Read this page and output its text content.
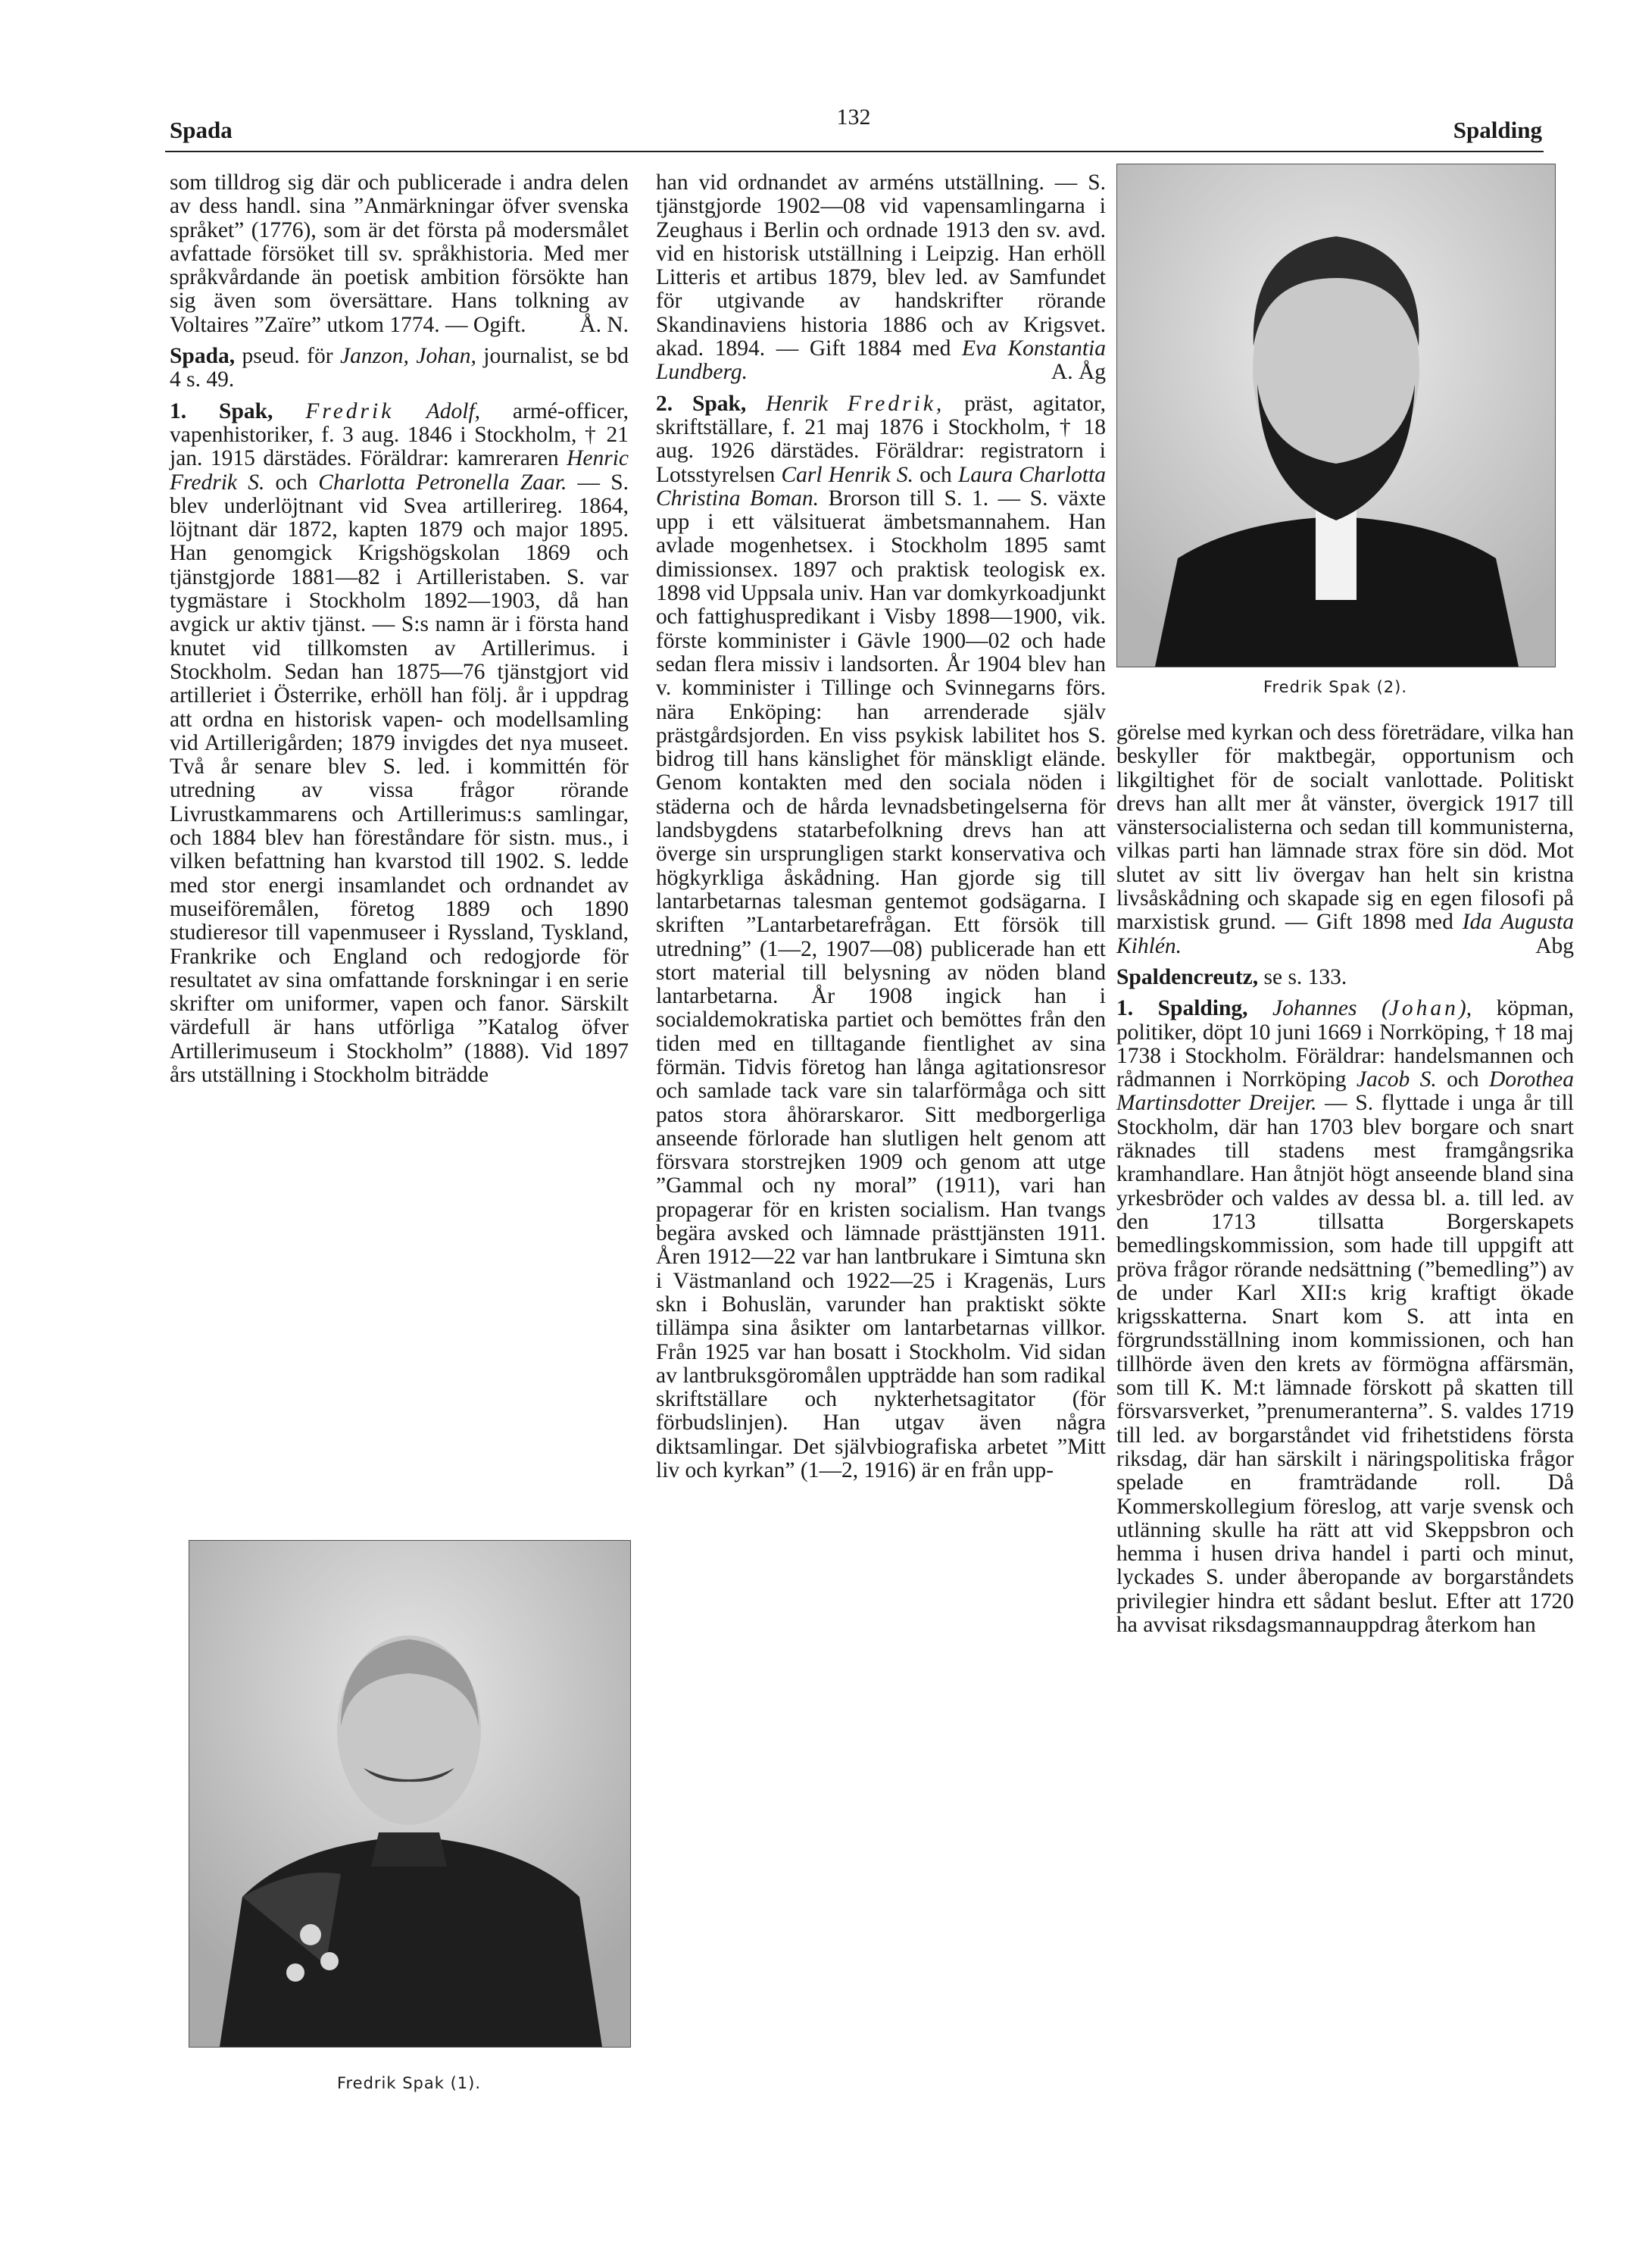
Spada	132	Spalding

som tilldrog sig där och publicerade i andra delen av dess handl. sina ”Anmärkningar öfver svenska språket” (1776), som är det första på modersmålet avfattade försöket till sv. språkhistoria. Med mer språkvårdande än poetisk ambition försökte han sig även som översättare. Hans tolkning av Voltaires ”Zaïre” utkom 1774. — Ogift. Å. N.

Spada, pseud. för Janzon, Johan, journalist, se bd 4 s. 49.

1. Spak, Fredrik Adolf, armé-officer, vapenhistoriker, f. 3 aug. 1846 i Stockholm, † 21 jan. 1915 därstädes. Föräldrar: kamreraren Henric Fredrik S. och Charlotta Petronella Zaar. — S. blev underlöjtnant vid Svea artillerireg. 1864, löjtnant där 1872, kapten 1879 och major 1895. Han genomgick Krigshögskolan 1869 och tjänstgjorde 1881—82 i Artilleristaben. S. var tygmästare i Stockholm 1892—1903, då han avgick ur aktiv tjänst. — S:s namn är i första hand knutet vid tillkomsten av Artillerimus. i Stockholm. Sedan han 1875—76 tjänstgjort vid artilleriet i Österrike, erhöll han följ. år i uppdrag att ordna en historisk vapen- och modellsamling vid Artillerigården; 1879 invigdes det nya museet. Två år senare blev S. led. i kommittén för utredning av vissa frågor rörande Livrustkammarens och Artillerimus:s samlingar, och 1884 blev han föreståndare för sistn. mus., i vilken befattning han kvarstod till 1902. S. ledde med stor energi insamlandet och ordnandet av museiföremålen, företog 1889 och 1890 studieresor till vapenmuseer i Ryssland, Tyskland, Frankrike och England och redogjorde för resultatet av sina omfattande forskningar i en serie skrifter om uniformer, vapen och fanor. Särskilt värdefull är hans utförliga ”Katalog öfver Artillerimuseum i Stockholm” (1888). Vid 1897 års utställning i Stockholm biträdde

Fredrik Spak (1).

han vid ordnandet av arméns utställning. — S. tjänstgjorde 1902—08 vid vapensamlingarna i Zeughaus i Berlin och ordnade 1913 den sv. avd. vid en historisk utställning i Leipzig. Han erhöll Litteris et artibus 1879, blev led. av Samfundet för utgivande av handskrifter rörande Skandinaviens historia 1886 och av Krigsvet. akad. 1894. — Gift 1884 med Eva Konstantia Lundberg.	A. Åg

2. Spak, Henrik Fredrik, präst, agitator, skriftställare, f. 21 maj 1876 i Stockholm, † 18 aug. 1926 därstädes. Föräldrar: registratorn i Lotsstyrelsen Carl Henrik S. och Laura Charlotta Christina Boman. Brorson till S. 1. — S. växte upp i ett välsituerat ämbetsmannahem. Han avlade mogenhetsex. i Stockholm 1895 samt dimissionsex. 1897 och praktisk teologisk ex. 1898 vid Uppsala univ. Han var domkyrkoadjunkt och fattighuspredikant i Visby 1898—1900, vik. förste komminister i Gävle 1900—02 och hade sedan flera missiv i landsorten. År 1904 blev han v. komminister i Tillinge och Svinnegarns förs. nära Enköping: han arrenderade själv prästgårdsjorden. En viss psykisk labilitet hos S. bidrog till hans känslighet för mänskligt elände. Genom kontakten med den sociala nöden i städerna och de hårda levnadsbetingelserna för landsbygdens statarbefolkning drevs han att överge sin ursprungligen starkt konservativa och högkyrkliga åskådning. Han gjorde sig till lantarbetarnas talesman gentemot godsägarna. I skriften ”Lantarbetarefrågan. Ett försök till utredning” (1—2, 1907—08) publicerade han ett stort material till belysning av nöden bland lantarbetarna. År 1908 ingick han i socialdemokratiska partiet och bemöttes från den tiden med en tilltagande fientlighet av sina förmän. Tidvis företog han långa agitationsresor och samlade tack vare sin talarförmåga och sitt patos stora åhörarskaror. Sitt medborgerliga anseende förlorade han slutligen helt genom att försvara storstrejken 1909 och genom att utge ”Gammal och ny moral” (1911), vari han propagerar för en kristen socialism. Han tvangs begära avsked och lämnade prästtjänsten 1911. Åren 1912—22 var han lantbrukare i Simtuna skn i Västmanland och 1922—25 i Kragenäs, Lurs skn i Bohuslän, varunder han praktiskt sökte tillämpa sina åsikter om lantarbetarnas villkor. Från 1925 var han bosatt i Stockholm. Vid sidan av lantbruksgöromålen uppträdde han som radikal skriftställare och nykterhetsagitator (för förbudslinjen). Han utgav även några diktsamlingar. Det självbiografiska arbetet ”Mitt liv och kyrkan” (1—2, 1916) är en från upp-

Fredrik Spak (2).

görelse med kyrkan och dess företrädare, vilka han beskyller för maktbegär, opportunism och likgiltighet för de socialt vanlottade. Politiskt drevs han allt mer åt vänster, övergick 1917 till vänstersocialisterna och sedan till kommunisterna, vilkas parti han lämnade strax före sin död. Mot slutet av sitt liv övergav han helt sin kristna livsåskådning och skapade sig en egen filosofi på marxistisk grund. — Gift 1898 med Ida Augusta Kihlén.	Abg

Spaldencreutz, se s. 133.

1. Spalding, Johannes (Johan), köpman, politiker, döpt 10 juni 1669 i Norrköping, † 18 maj 1738 i Stockholm. Föräldrar: handelsmannen och rådmannen i Norrköping Jacob S. och Dorothea Martinsdotter Dreijer. — S. flyttade i unga år till Stockholm, där han 1703 blev borgare och snart räknades till stadens mest framgångsrika kramhandlare. Han åtnjöt högt anseende bland sina yrkesbröder och valdes av dessa bl. a. till led. av den 1713 tillsatta Borgerskapets bemedlingskommission, som hade till uppgift att pröva frågor rörande nedsättning (”bemedling”) av de under Karl XII:s krig kraftigt ökade krigsskatterna. Snart kom S. att inta en förgrundsställning inom kommissionen, och han tillhörde även den krets av förmögna affärsmän, som till K. M:t lämnade förskott på skatten till försvarsverket, ”prenumeranterna”. S. valdes 1719 till led. av borgarståndet vid frihetstidens första riksdag, där han särskilt i näringspolitiska frågor spelade en framträdande roll. Då Kommerskollegium föreslog, att varje svensk och utlänning skulle ha rätt att vid Skeppsbron och hemma i husen driva handel i parti och minut, lyckades S. under åberopande av borgarståndets privilegier hindra ett sådant beslut. Efter att 1720 ha avvisat riksdagsmannauppdrag återkom han
